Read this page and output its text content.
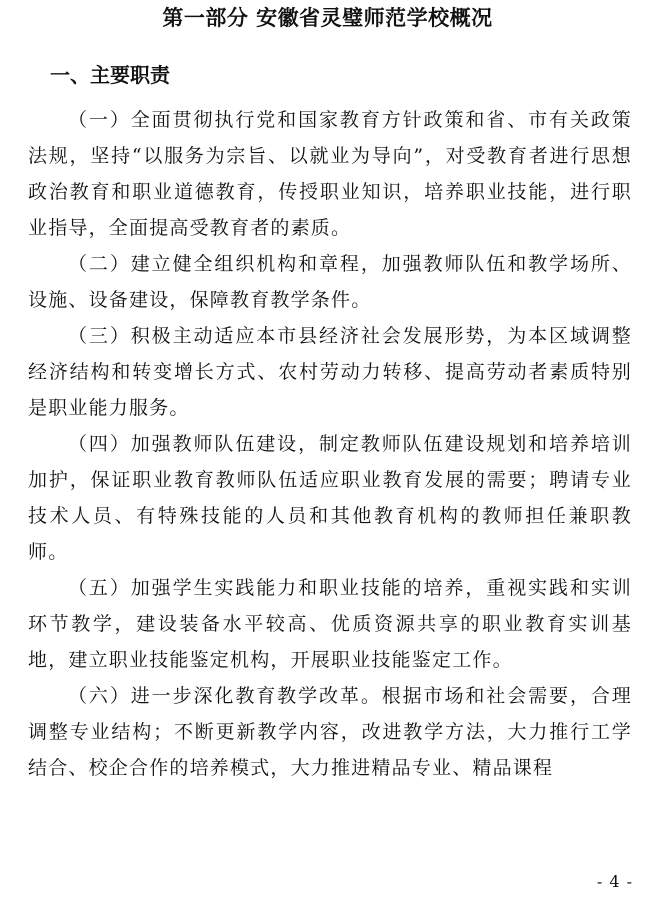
第一部分 安徽省灵璧师范学校概况
一、主要职责

（一）全面贯彻执行党和国家教育方针政策和省、市有关政策法规，坚持“以服务为宗旨、以就业为导向”，对受教育者进行思想政治教育和职业道德教育，传授职业知识，培养职业技能，进行职业指导，全面提高受教育者的素质。

（二）建立健全组织机构和章程，加强教师队伍和教学场所、设施、设备建设，保障教育教学条件。

（三）积极主动适应本市县经济社会发展形势，为本区域调整经济结构和转变增长方式、农村劳动力转移、提高劳动者素质特别是职业能力服务。

（四）加强教师队伍建设，制定教师队伍建设规划和培养培训加护，保证职业教育教师队伍适应职业教育发展的需要；聘请专业技术人员、有特殊技能的人员和其他教育机构的教师担任兼职教师。

（五）加强学生实践能力和职业技能的培养，重视实践和实训环节教学，建设装备水平较高、优质资源共享的职业教育实训基地，建立职业技能鉴定机构，开展职业技能鉴定工作。

（六）进一步深化教育教学改革。根据市场和社会需要，合理调整专业结构；不断更新教学内容，改进教学方法，大力推行工学结合、校企合作的培养模式，大力推进精品专业、精品课程

- 4 -
